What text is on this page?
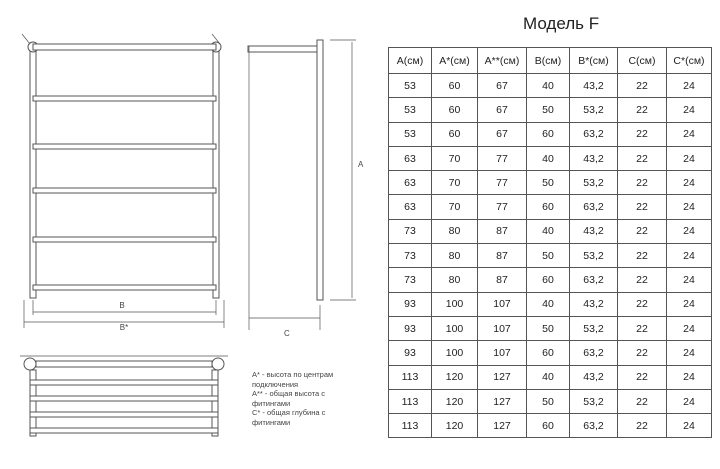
B
B*
A
C
Модель F
A* - высота по центрам
подключения
A** - общая высота с
фитингами
C* - общая глубина с
фитингами
A(см)	A*(см)	A**(см)	B(см)	B*(см)	C(см)	C*(см)
53	60	67	40	43,2	22	24
53	60	67	50	53,2	22	24
53	60	67	60	63,2	22	24
63	70	77	40	43,2	22	24
63	70	77	50	53,2	22	24
63	70	77	60	63,2	22	24
73	80	87	40	43,2	22	24
73	80	87	50	53,2	22	24
73	80	87	60	63,2	22	24
93	100	107	40	43,2	22	24
93	100	107	50	53,2	22	24
93	100	107	60	63,2	22	24
113	120	127	40	43,2	22	24
113	120	127	50	53,2	22	24
113	120	127	60	63,2	22	24
